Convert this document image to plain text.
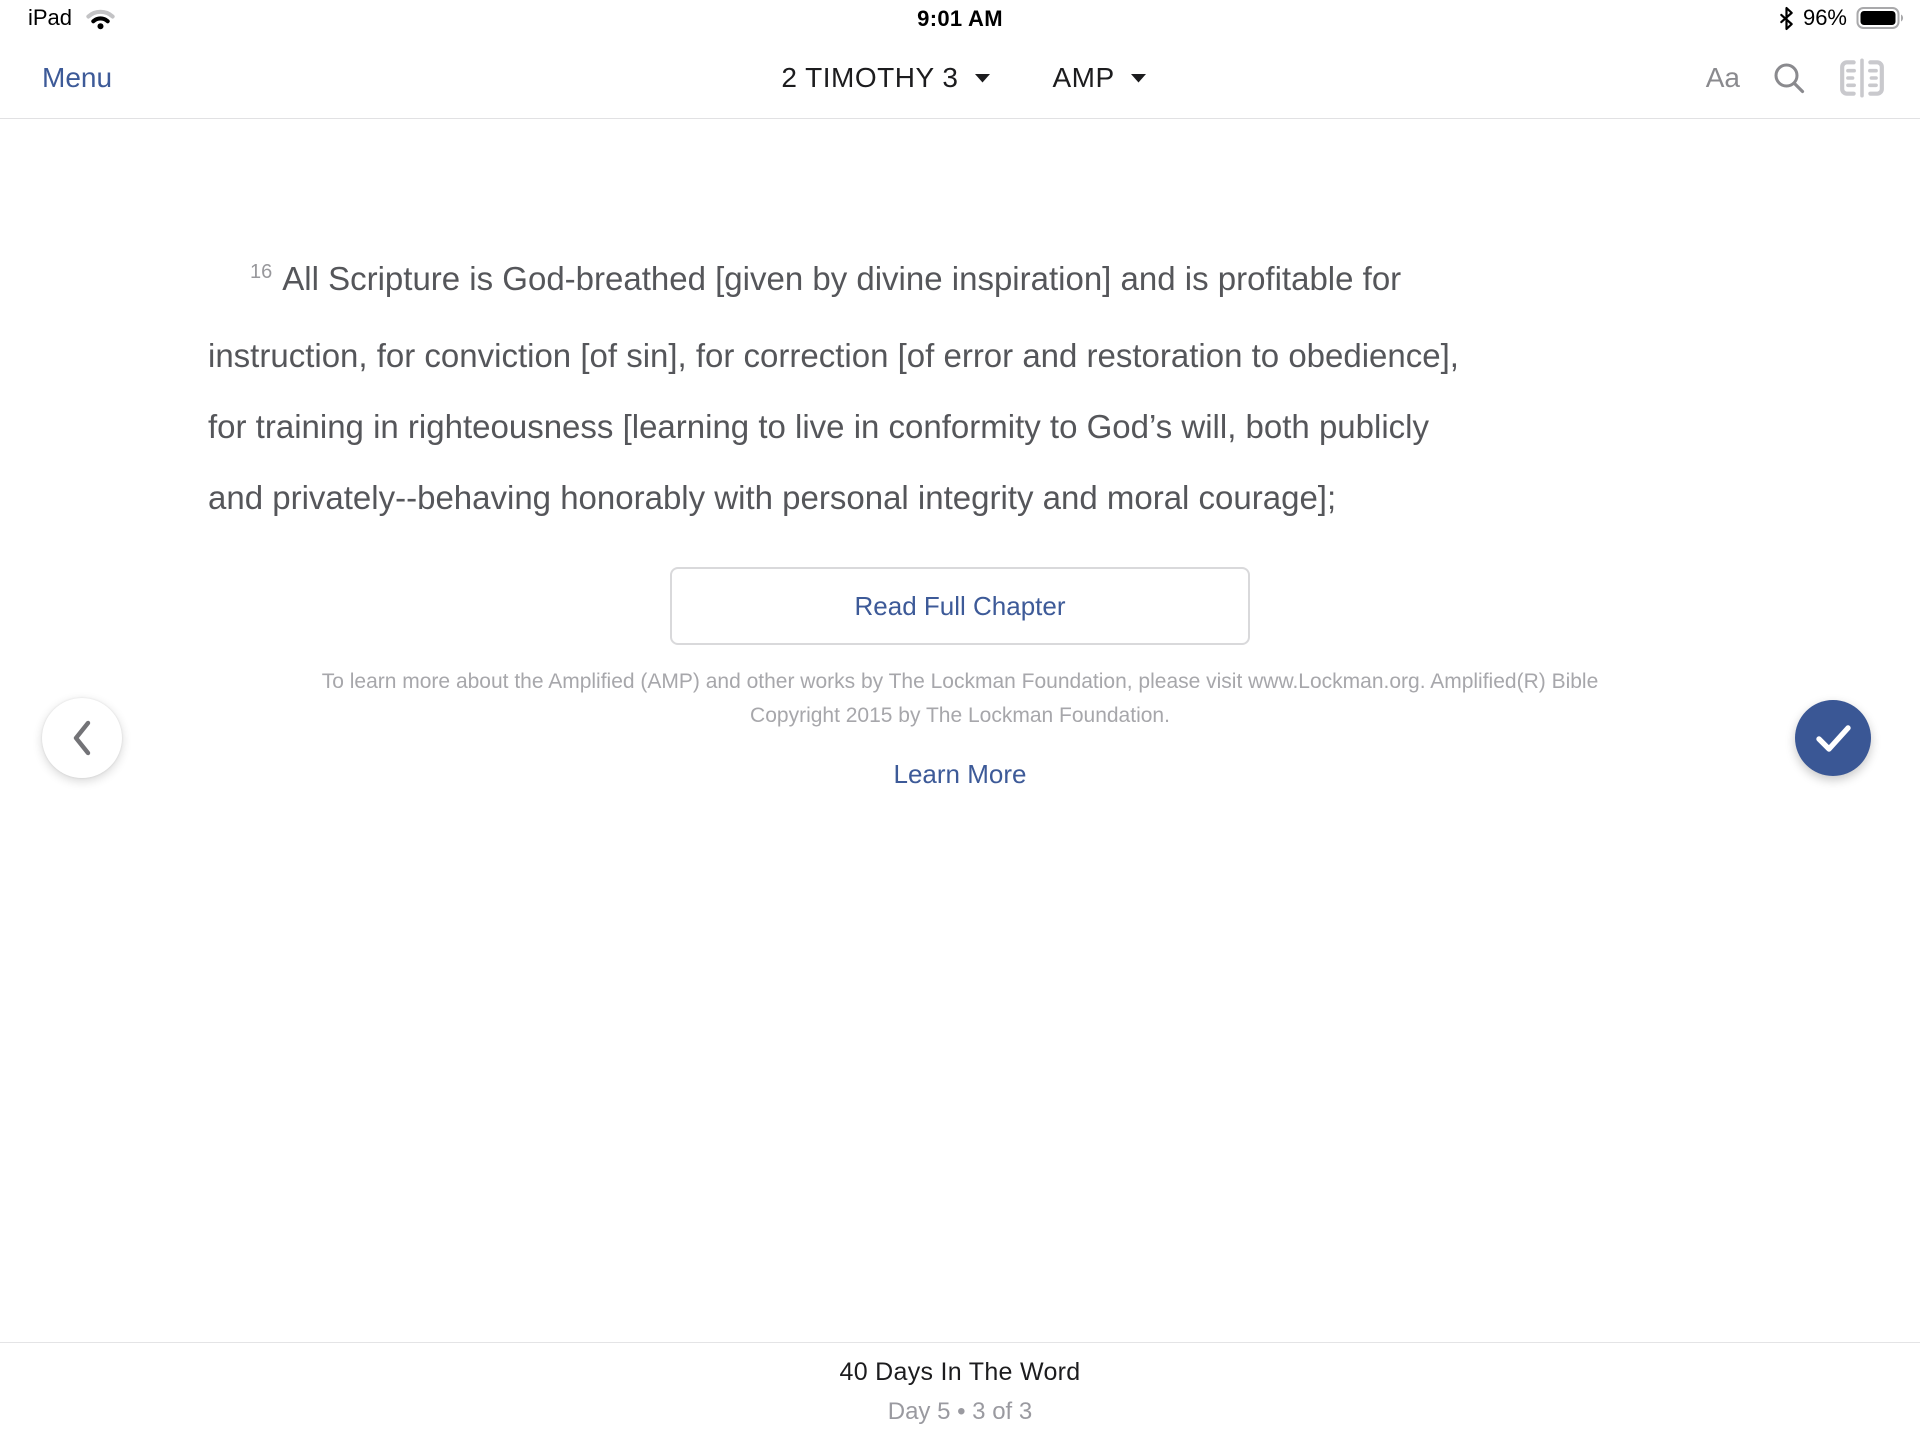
iPad	9:01 AM	96%
Menu	2 TIMOTHY 3	AMP	Aa
$^{16}$ All Scripture is God-breathed [given by divine inspiration] and is profitable for
instruction, for conviction [of sin], for correction [of error and restoration to obedience],
for training in righteousness [learning to live in conformity to God’s will, both publicly
and privately--behaving honorably with personal integrity and moral courage];
Read Full Chapter
To learn more about the Amplified (AMP) and other works by The Lockman Foundation, please visit www.Lockman.org. Amplified(R) Bible
Copyright 2015 by The Lockman Foundation.
Learn More
40 Days In The Word
Day 5 • 3 of 3
